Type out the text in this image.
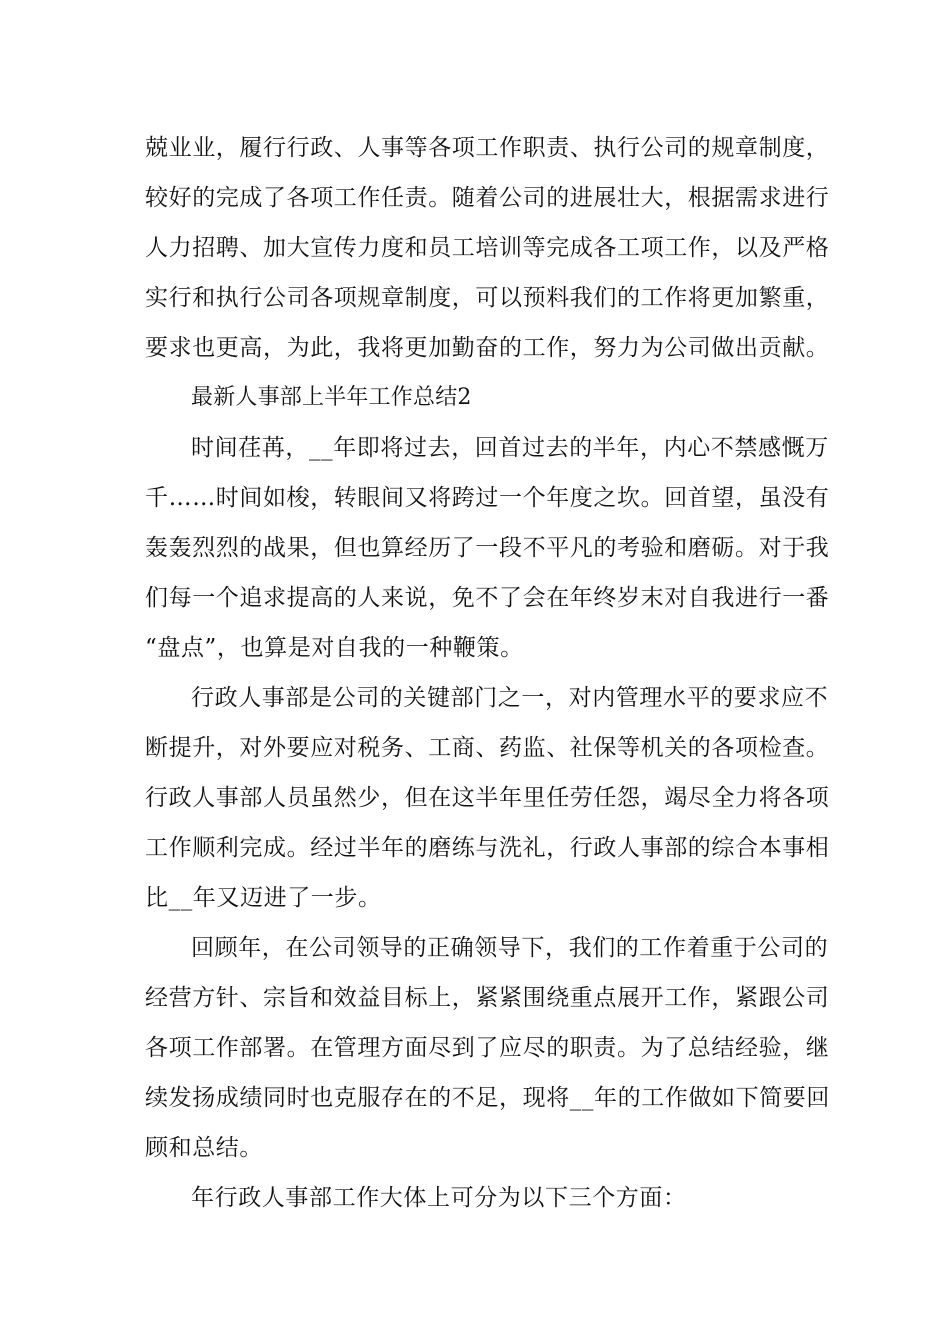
兢业业，履行行政、人事等各项工作职责、执行公司的规章制度，
较好的完成了各项工作任责。随着公司的进展壮大，根据需求进行
人力招聘、加大宣传力度和员工培训等完成各工项工作，以及严格
实行和执行公司各项规章制度，可以预料我们的工作将更加繁重，
要求也更高，为此，我将更加勤奋的工作，努力为公司做出贡献。
最新人事部上半年工作总结2
时间荏苒，__年即将过去，回首过去的半年，内心不禁感慨万
千……时间如梭，转眼间又将跨过一个年度之坎。回首望，虽没有
轰轰烈烈的战果，但也算经历了一段不平凡的考验和磨砺。对于我
们每一个追求提高的人来说，免不了会在年终岁末对自我进行一番
“盘点”，也算是对自我的一种鞭策。
行政人事部是公司的关键部门之一，对内管理水平的要求应不
断提升，对外要应对税务、工商、药监、社保等机关的各项检查。
行政人事部人员虽然少，但在这半年里任劳任怨，竭尽全力将各项
工作顺利完成。经过半年的磨练与洗礼，行政人事部的综合本事相
比__年又迈进了一步。
回顾年，在公司领导的正确领导下，我们的工作着重于公司的
经营方针、宗旨和效益目标上，紧紧围绕重点展开工作，紧跟公司
各项工作部署。在管理方面尽到了应尽的职责。为了总结经验，继
续发扬成绩同时也克服存在的不足，现将__年的工作做如下简要回
顾和总结。
年行政人事部工作大体上可分为以下三个方面：
